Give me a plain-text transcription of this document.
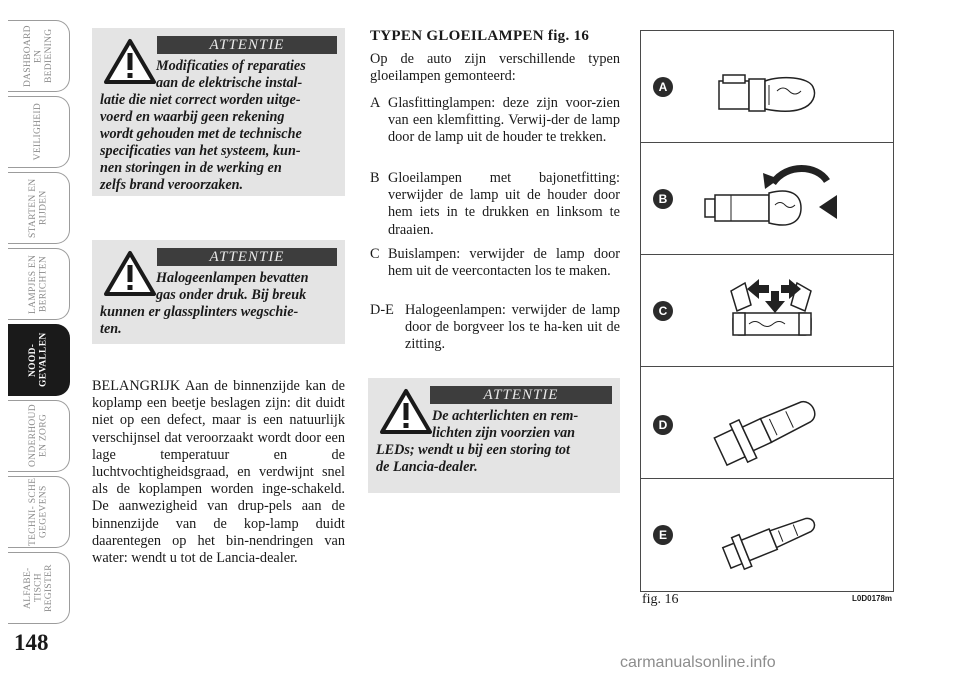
DASHBOARD EN BEDIENING
VEILIGHEID
STARTEN EN RIJDEN
LAMPJES EN BERICHTEN
NOOD- GEVALLEN
ONDERHOUD EN ZORG
TECHNI- SCHE GEGEVENS
ALFABE- TISCH REGISTER
148
ATTENTIE
Modificaties of reparaties
aan de elektrische instal-
latie die niet correct worden uitge-
voerd en waarbij geen rekening
wordt gehouden met de technische
specificaties van het systeem, kun-
nen storingen in de werking en
zelfs brand veroorzaken.
ATTENTIE
Halogeenlampen bevatten
gas onder druk. Bij breuk
kunnen er glassplinters wegschie-
ten.
BELANGRIJK Aan de binnenzijde kan de koplamp een beetje beslagen zijn: dit duidt niet op een defect, maar is een natuurlijk verschijnsel dat veroorzaakt wordt door een lage temperatuur en de luchtvochtigheidsgraad, en verdwijnt snel als de koplampen worden inge-schakeld. De aanwezigheid van drup-pels aan de binnenzijde van de kop-lamp duidt daarentegen op het bin-nendringen van water: wendt u tot de Lancia-dealer.
TYPEN GLOEILAMPEN fig. 16
Op de auto zijn verschillende typen gloeilampen gemonteerd:
A Glasfittinglampen: deze zijn voor-zien van een klemfitting. Verwij-der de lamp door de lamp uit de houder te trekken.
B Gloeilampen met bajonetfitting: verwijder de lamp uit de houder door hem iets in te drukken en linksom te draaien.
C Buislampen: verwijder de lamp door hem uit de veercontacten los te maken.
D-E Halogeenlampen: verwijder de lamp door de borgveer los te ha-ken uit de zitting.
ATTENTIE
De achterlichten en rem-
lichten zijn voorzien van
LEDs; wendt u bij een storing tot
de Lancia-dealer.
A
B
C
D
E
fig. 16	L0D0178m
carmanualsonline.info
